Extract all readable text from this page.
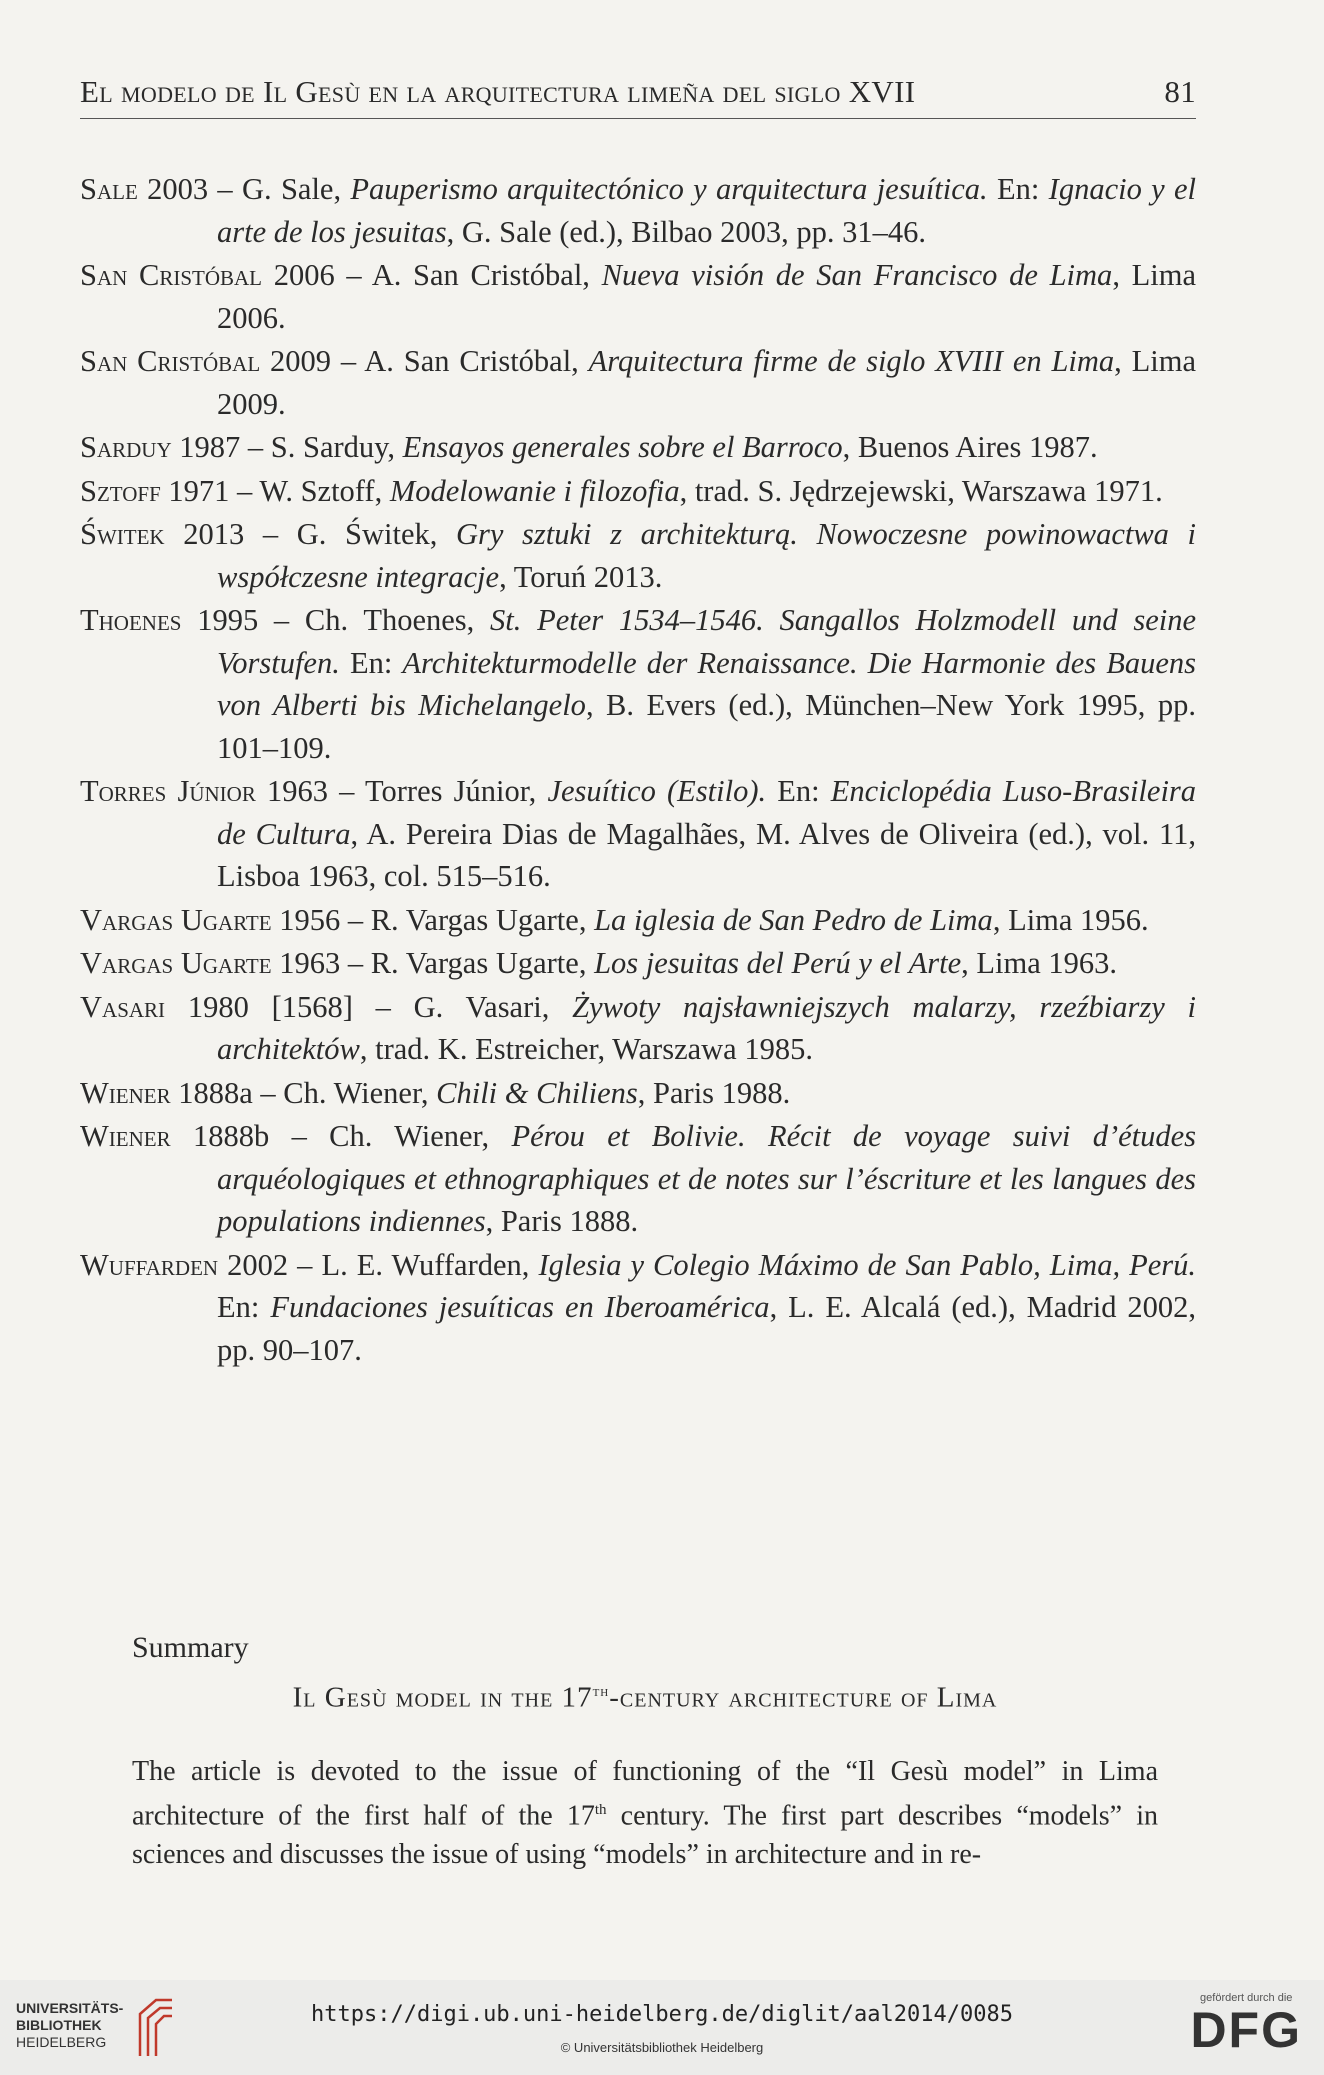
El modelo de Il Gesù en la arquitectura limeña del siglo XVII	81

Sale 2003 – G. Sale, Pauperismo arquitectónico y arquitectura jesuítica. En: Ignacio y el arte de los jesuitas, G. Sale (ed.), Bilbao 2003, pp. 31–46.

San Cristóbal 2006 – A. San Cristóbal, Nueva visión de San Francisco de Lima, Lima 2006.

San Cristóbal 2009 – A. San Cristóbal, Arquitectura firme de siglo XVIII en Lima, Lima 2009.

Sarduy 1987 – S. Sarduy, Ensayos generales sobre el Barroco, Buenos Aires 1987.

Sztoff 1971 – W. Sztoff, Modelowanie i filozofia, trad. S. Jędrzejewski, Warszawa 1971.

Świtek 2013 – G. Świtek, Gry sztuki z architekturą. Nowoczesne powinowactwa i współczesne integracje, Toruń 2013.

Thoenes 1995 – Ch. Thoenes, St. Peter 1534–1546. Sangallos Holzmodell und seine Vorstufen. En: Architekturmodelle der Renaissance. Die Harmonie des Bauens von Alberti bis Michelangelo, B. Evers (ed.), München–New York 1995, pp. 101–109.

Torres Júnior 1963 – Torres Júnior, Jesuítico (Estilo). En: Enciclopédia Luso-Brasileira de Cultura, A. Pereira Dias de Magalhães, M. Alves de Oliveira (ed.), vol. 11, Lisboa 1963, col. 515–516.

Vargas Ugarte 1956 – R. Vargas Ugarte, La iglesia de San Pedro de Lima, Lima 1956.

Vargas Ugarte 1963 – R. Vargas Ugarte, Los jesuitas del Perú y el Arte, Lima 1963.

Vasari 1980 [1568] – G. Vasari, Żywoty najsławniejszych malarzy, rzeźbiarzy i architektów, trad. K. Estreicher, Warszawa 1985.

Wiener 1888a – Ch. Wiener, Chili & Chiliens, Paris 1988.

Wiener 1888b – Ch. Wiener, Pérou et Bolivie. Récit de voyage suivi d’études arquéologiques et ethnographiques et de notes sur l’éscriture et les langues des populations indiennes, Paris 1888.

Wuffarden 2002 – L. E. Wuffarden, Iglesia y Colegio Máximo de San Pablo, Lima, Perú. En: Fundaciones jesuíticas en Iberoamérica, L. E. Alcalá (ed.), Madrid 2002, pp. 90–107.

Summary
Il Gesù model in the 17th-century architecture of Lima
The article is devoted to the issue of functioning of the “Il Gesù model” in Lima architecture of the first half of the 17th century. The first part describes “models” in sciences and discusses the issue of using “models” in architecture and in re-
UNIVERSITÄTS-
BIBLIOTHEK
HEIDELBERG
https://digi.ub.uni-heidelberg.de/diglit/aal2014/0085
© Universitätsbibliothek Heidelberg
gefördert durch die
DFG
